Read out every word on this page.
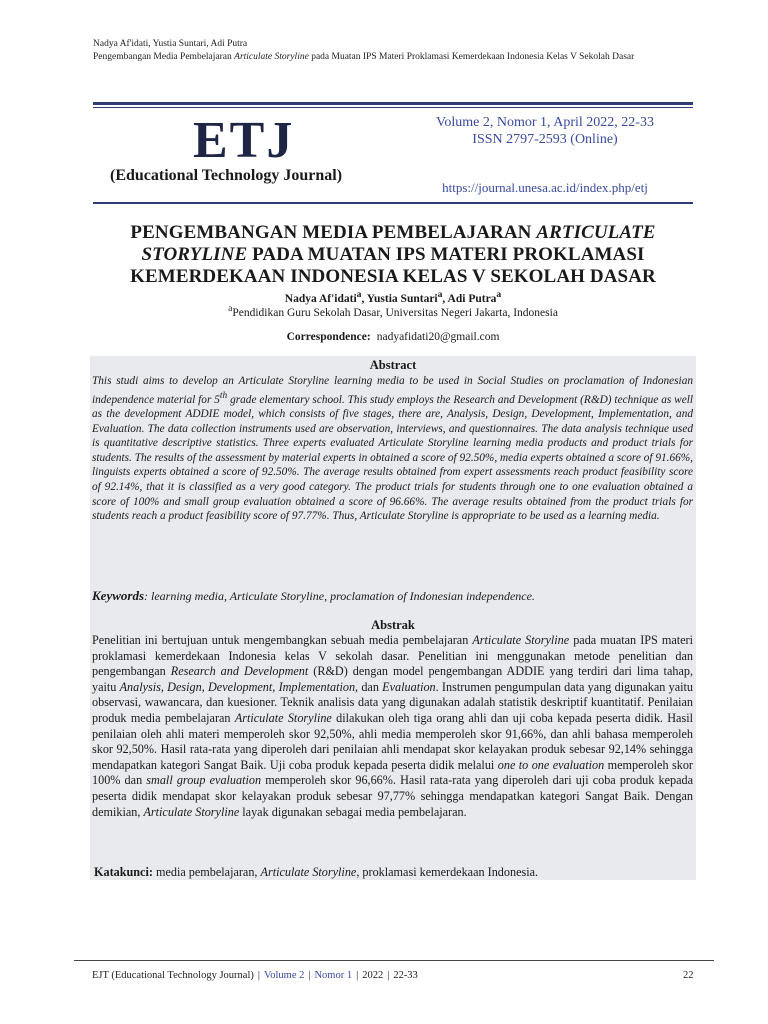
Nadya Af'idati, Yustia Suntari, Adi Putra
Pengembangan Media Pembelajaran Articulate Storyline pada Muatan IPS Materi Proklamasi Kemerdekaan Indonesia Kelas V Sekolah Dasar
ETJ
(Educational Technology Journal)
Volume 2, Nomor 1, April 2022, 22-33
ISSN 2797-2593 (Online)
https://journal.unesa.ac.id/index.php/etj
PENGEMBANGAN MEDIA PEMBELAJARAN ARTICULATE STORYLINE PADA MUATAN IPS MATERI PROKLAMASI KEMERDEKAAN INDONESIA KELAS V SEKOLAH DASAR
Nadya Af'idati$^a$, Yustia Suntari$^a$, Adi Putra$^a$
$^a$Pendidikan Guru Sekolah Dasar, Universitas Negeri Jakarta, Indonesia
Correspondence: nadyafidati20@gmail.com
Abstract
This studi aims to develop an Articulate Storyline learning media to be used in Social Studies on proclamation of Indonesian independence material for 5th grade elementary school. This study employs the Research and Development (R&D) technique as well as the development ADDIE model, which consists of five stages, there are, Analysis, Design, Development, Implementation, and Evaluation. The data collection instruments used are observation, interviews, and questionnaires. The data analysis technique used is quantitative descriptive statistics. Three experts evaluated Articulate Storyline learning media products and product trials for students. The results of the assessment by material experts in obtained a score of 92.50%, media experts obtained a score of 91.66%, linguists experts obtained a score of 92.50%. The average results obtained from expert assessments reach product feasibility score of 92.14%, that it is classified as a very good category. The product trials for students through one to one evaluation obtained a score of 100% and small group evaluation obtained a score of 96.66%. The average results obtained from the product trials for students reach a product feasibility score of 97.77%. Thus, Articulate Storyline is appropriate to be used as a learning media.
Keywords: learning media, Articulate Storyline, proclamation of Indonesian independence.
Abstrak
Penelitian ini bertujuan untuk mengembangkan sebuah media pembelajaran Articulate Storyline pada muatan IPS materi proklamasi kemerdekaan Indonesia kelas V sekolah dasar. Penelitian ini menggunakan metode penelitian dan pengembangan Research and Development (R&D) dengan model pengembangan ADDIE yang terdiri dari lima tahap, yaitu Analysis, Design, Development, Implementation, dan Evaluation. Instrumen pengumpulan data yang digunakan yaitu observasi, wawancara, dan kuesioner. Teknik analisis data yang digunakan adalah statistik deskriptif kuantitatif. Penilaian produk media pembelajaran Articulate Storyline dilakukan oleh tiga orang ahli dan uji coba kepada peserta didik. Hasil penilaian oleh ahli materi memperoleh skor 92,50%, ahli media memperoleh skor 91,66%, dan ahli bahasa memperoleh skor 92,50%. Hasil rata-rata yang diperoleh dari penilaian ahli mendapat skor kelayakan produk sebesar 92,14% sehingga mendapatkan kategori Sangat Baik. Uji coba produk kepada peserta didik melalui one to one evaluation memperoleh skor 100% dan small group evaluation memperoleh skor 96,66%. Hasil rata-rata yang diperoleh dari uji coba produk kepada peserta didik mendapat skor kelayakan produk sebesar 97,77% sehingga mendapatkan kategori Sangat Baik. Dengan demikian, Articulate Storyline layak digunakan sebagai media pembelajaran.
Katakunci: media pembelajaran, Articulate Storyline, proklamasi kemerdekaan Indonesia.
EJT (Educational Technology Journal) | Volume 2 | Nomor 1 | 2022 | 22-33	22
